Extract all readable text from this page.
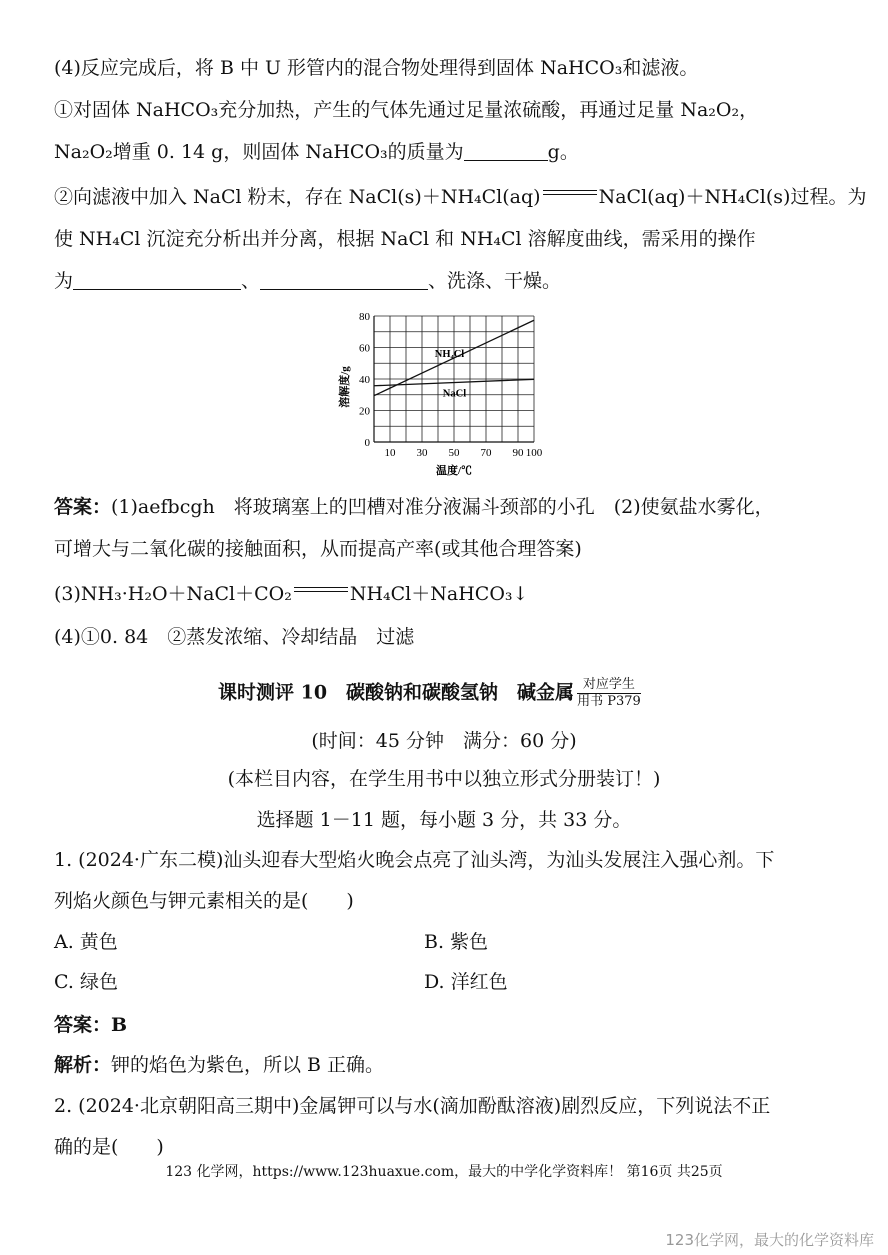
(4)反应完成后，将 B 中 U 形管内的混合物处理得到固体 NaHCO₃和滤液。
①对固体 NaHCO₃充分加热，产生的气体先通过足量浓硫酸，再通过足量 Na₂O₂，
Na₂O₂增重 0. 14 g，则固体 NaHCO₃的质量为	g。
②向滤液中加入 NaCl 粉末，存在 NaCl(s)＋NH₄Cl(aq)	NaCl(aq)＋NH₄Cl(s)过程。为
使 NH₄Cl 沉淀充分析出并分离，根据 NaCl 和 NH₄Cl 溶解度曲线，需采用的操作
为	、	、洗涤、干燥。
10 30 50 70 90 100
0
20
40
60
80
温度/℃
溶解度/g
NH₄Cl
NaCl
答案：(1)aefbcgh　将玻璃塞上的凹槽对准分液漏斗颈部的小孔　(2)使氨盐水雾化，
可增大与二氧化碳的接触面积，从而提高产率(或其他合理答案)
(3)NH₃·H₂O＋NaCl＋CO₂	NH₄Cl＋NaHCO₃↓
(4)①0. 84　②蒸发浓缩、冷却结晶　过滤
课时测评 10　碳酸钠和碳酸氢钠　碱金属 $\frac{\text{对应学生}}{\text{用书 P379}}$
(时间：45 分钟　满分：60 分)
(本栏目内容，在学生用书中以独立形式分册装订！)
选择题 1－11 题，每小题 3 分，共 33 分。
1. (2024·广东二模)汕头迎春大型焰火晚会点亮了汕头湾，为汕头发展注入强心剂。下
列焰火颜色与钾元素相关的是(　　)
A. 黄色	B. 紫色
C. 绿色	D. 洋红色
答案：B
解析：钾的焰色为紫色，所以 B 正确。
2. (2024·北京朝阳高三期中)金属钾可以与水(滴加酚酞溶液)剧烈反应，下列说法不正
确的是(　　)
123 化学网，https://www.123huaxue.com，最大的中学化学资料库！ 第16页 共25页
123化学网，最大的化学资料库
